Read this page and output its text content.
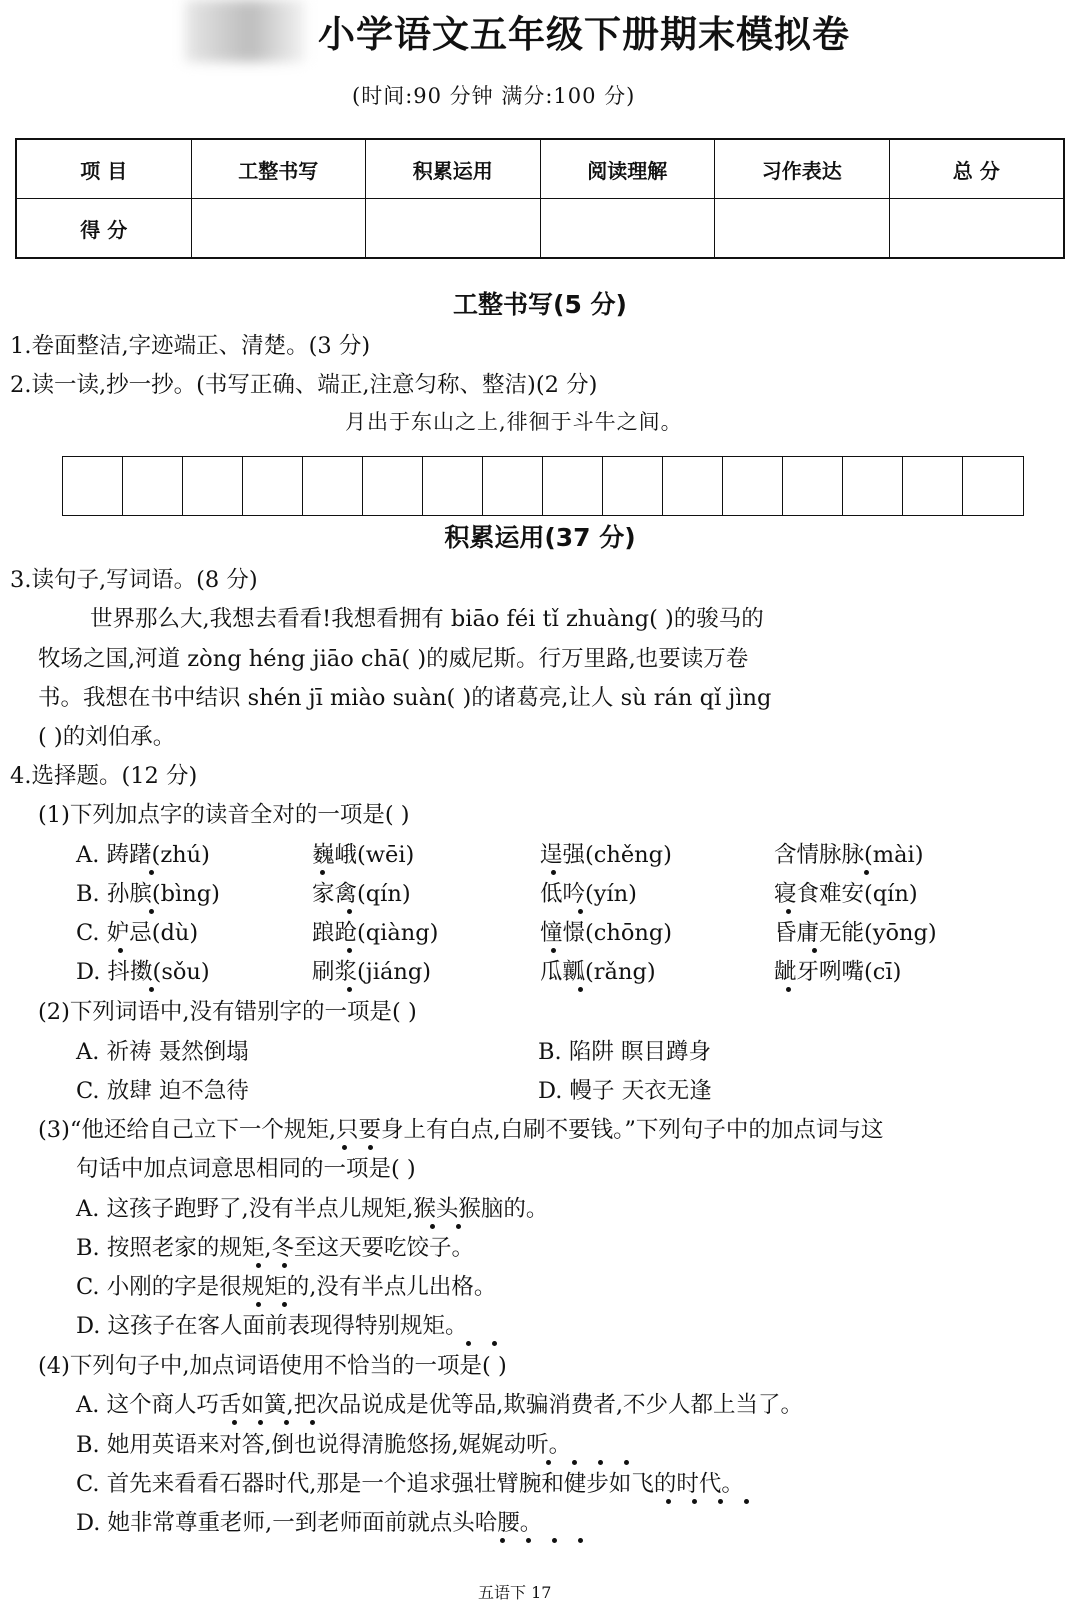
小学语文五年级下册期末模拟卷
(时间:90 分钟 满分:100 分)
项 目	工整书写	积累运用	阅读理解	习作表达	总 分
得 分					
工整书写(5 分)
1.卷面整洁,字迹端正、清楚。(3 分)
2.读一读,抄一抄。(书写正确、端正,注意匀称、整洁)(2 分)
月出于东山之上,徘徊于斗牛之间。
积累运用(37 分)
3.读句子,写词语。(8 分)
世界那么大,我想去看看!我想看拥有 biāo féi tǐ zhuàng( )的骏马的
牧场之国,河道 zòng héng jiāo chā( )的威尼斯。行万里路,也要读万卷
书。我想在书中结识 shén jī miào suàn( )的诸葛亮,让人 sù rán qǐ jìng
( )的刘伯承。
4.选择题。(12 分)
(1)下列加点字的读音全对的一项是( )
A. 踌躇(zhú)	巍峨(wēi)	逞强(chěng)	含情脉脉(mài)
B. 孙膑(bìng)	家禽(qín)	低吟(yín)	寝食难安(qín)
C. 妒忌(dù)	踉跄(qiàng)	憧憬(chōng)	昏庸无能(yōng)
D. 抖擞(sǒu)	刷浆(jiáng)	瓜瓤(rǎng)	龇牙咧嘴(cī)
(2)下列词语中,没有错别字的一项是( )
A. 祈祷 聂然倒塌	B. 陷阱 瞑目蹲身
C. 放肆 迫不急待	D. 幔子 天衣无逢
(3)“他还给自己立下一个规矩,只要身上有白点,白刷不要钱。”下列句子中的加点词与这
句话中加点词意思相同的一项是( )
A. 这孩子跑野了,没有半点儿规矩,猴头猴脑的。
B. 按照老家的规矩,冬至这天要吃饺子。
C. 小刚的字是很规矩的,没有半点儿出格。
D. 这孩子在客人面前表现得特别规矩。
(4)下列句子中,加点词语使用不恰当的一项是( )
A. 这个商人巧舌如簧,把次品说成是优等品,欺骗消费者,不少人都上当了。
B. 她用英语来对答,倒也说得清脆悠扬,娓娓动听。
C. 首先来看看石器时代,那是一个追求强壮臂腕和健步如飞的时代。
D. 她非常尊重老师,一到老师面前就点头哈腰。
五语下 17
